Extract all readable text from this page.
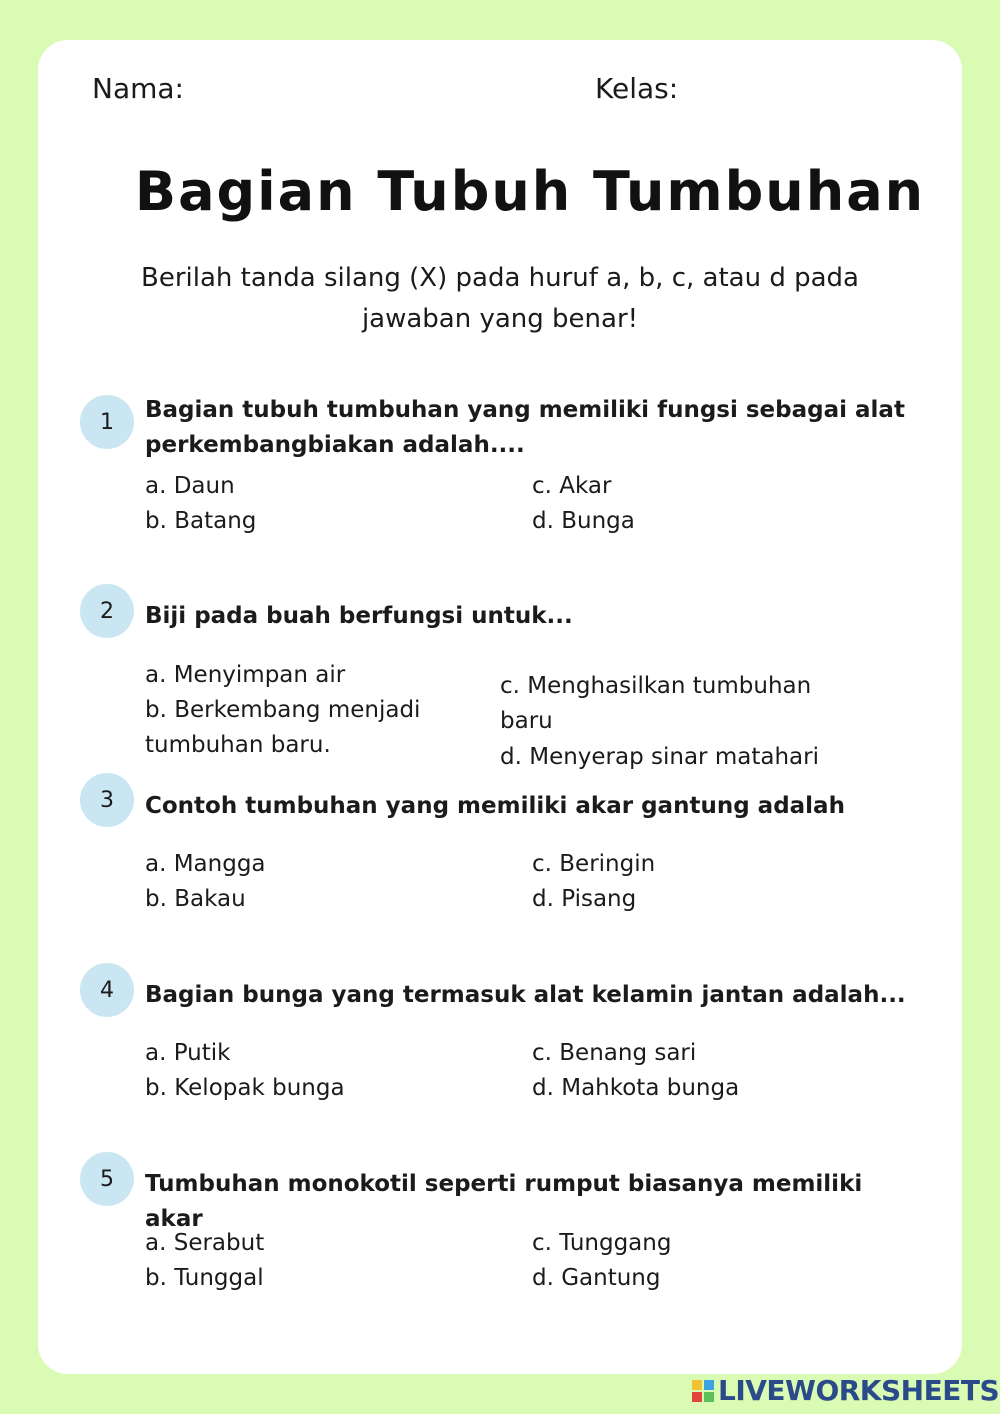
Nama:	Kelas:
Bagian Tubuh Tumbuhan
Berilah tanda silang (X) pada huruf a, b, c, atau d pada
jawaban yang benar!
1	Bagian tubuh tumbuhan yang memiliki fungsi sebagai alat
perkembangbiakan adalah....
a. Daun
b. Batang
c. Akar
d. Bunga
2	Biji pada buah berfungsi untuk...
a. Menyimpan air
b. Berkembang menjadi
tumbuhan baru.
c. Menghasilkan tumbuhan
baru
d. Menyerap sinar matahari
3	Contoh tumbuhan yang memiliki akar gantung adalah
a. Mangga
b. Bakau
c. Beringin
d. Pisang
4	Bagian bunga yang termasuk alat kelamin jantan adalah...
a. Putik
b. Kelopak bunga
c. Benang sari
d. Mahkota bunga
5	Tumbuhan monokotil seperti rumput biasanya memiliki akar
a. Serabut
b. Tunggal
c. Tunggang
d. Gantung
LIVEWORKSHEETS
